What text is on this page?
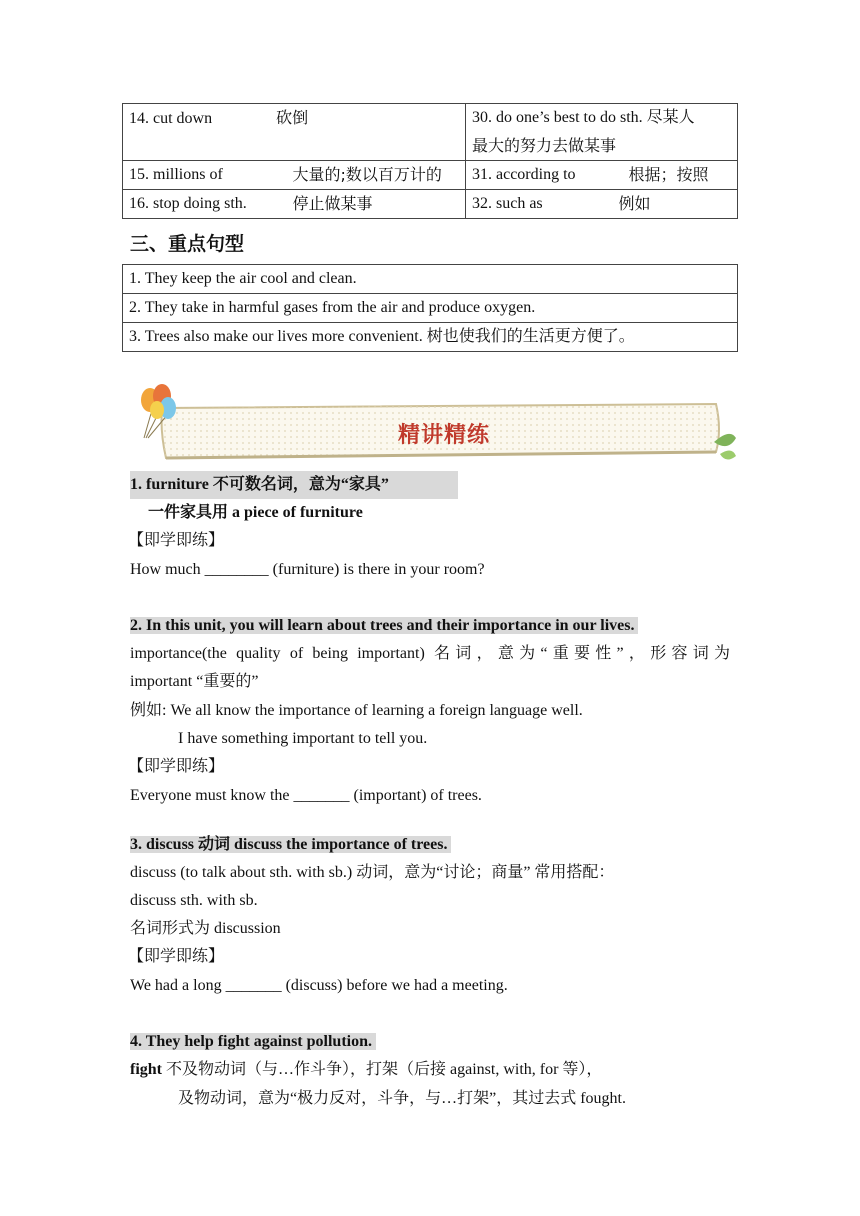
14. cut down 砍倒	30. do one’s best to do sth. 尽某人
最大的努力去做某事

15. millions of 大量的;数以百万计的	31. according to 根据；按照

16. stop doing sth. 停止做某事	32. such as 例如
三、重点句型
1. They keep the air cool and clean.
2. They take in harmful gases from the air and produce oxygen.
3. Trees also make our lives more convenient. 树也使我们的生活更方便了。
精讲精练
1. furniture 不可数名词，意为“家具”
一件家具用 a piece of furniture
【即学即练】
How much ________ (furniture) is there in your room?
2. In this unit, you will learn about trees and their importance in our lives.
importance(the quality of being important) 名词，意为“重要性”，形容词为
important “重要的”
例如: We all know the importance of learning a foreign language well.
I have something important to tell you.
【即学即练】
Everyone must know the _______ (important) of trees.
3. discuss 动词 discuss the importance of trees.
discuss (to talk about sth. with sb.) 动词，意为“讨论；商量” 常用搭配：
discuss sth. with sb.
名词形式为 discussion
【即学即练】
We had a long _______ (discuss) before we had a meeting.
4. They help fight against pollution.
fight 不及物动词（与…作斗争），打架（后接 against, with, for 等），
及物动词，意为“极力反对，斗争，与…打架”，其过去式 fought.
